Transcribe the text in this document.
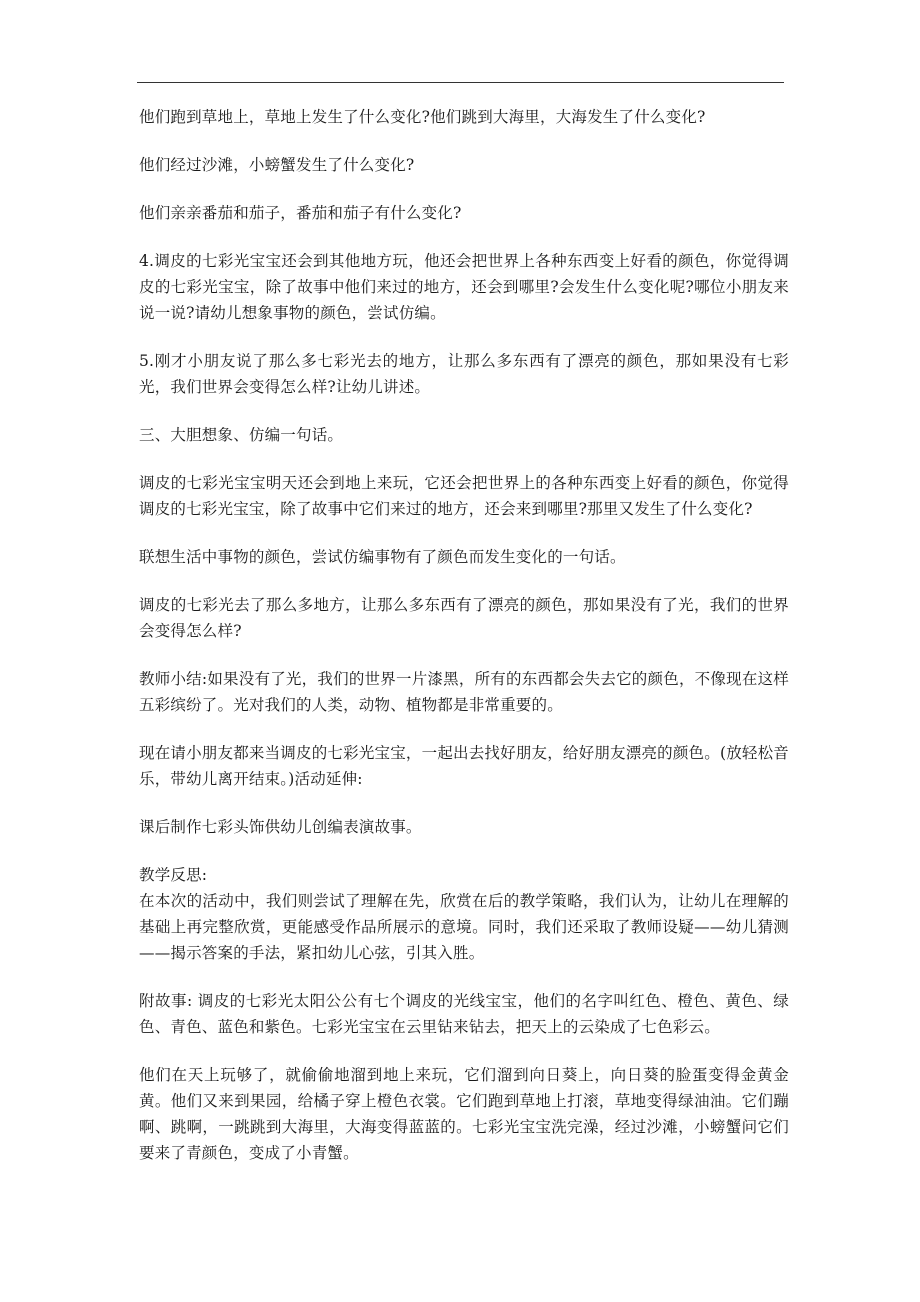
他们跑到草地上，草地上发生了什么变化?他们跳到大海里，大海发生了什么变化?

他们经过沙滩，小螃蟹发生了什么变化?

他们亲亲番茄和茄子，番茄和茄子有什么变化?

4.调皮的七彩光宝宝还会到其他地方玩，他还会把世界上各种东西变上好看的颜色，你觉得调皮的七彩光宝宝，除了故事中他们来过的地方，还会到哪里?会发生什么变化呢?哪位小朋友来说一说?请幼儿想象事物的颜色，尝试仿编。

5.刚才小朋友说了那么多七彩光去的地方，让那么多东西有了漂亮的颜色，那如果没有七彩光，我们世界会变得怎么样?让幼儿讲述。

三、大胆想象、仿编一句话。

调皮的七彩光宝宝明天还会到地上来玩，它还会把世界上的各种东西变上好看的颜色，你觉得调皮的七彩光宝宝，除了故事中它们来过的地方，还会来到哪里?那里又发生了什么变化?

联想生活中事物的颜色，尝试仿编事物有了颜色而发生变化的一句话。

调皮的七彩光去了那么多地方，让那么多东西有了漂亮的颜色，那如果没有了光，我们的世界会变得怎么样?

教师小结:如果没有了光，我们的世界一片漆黑，所有的东西都会失去它的颜色，不像现在这样五彩缤纷了。光对我们的人类，动物、植物都是非常重要的。

现在请小朋友都来当调皮的七彩光宝宝，一起出去找好朋友，给好朋友漂亮的颜色。(放轻松音乐，带幼儿离开结束。)活动延伸:

课后制作七彩头饰供幼儿创编表演故事。

教学反思:

在本次的活动中，我们则尝试了理解在先，欣赏在后的教学策略，我们认为，让幼儿在理解的基础上再完整欣赏，更能感受作品所展示的意境。同时，我们还采取了教师设疑——幼儿猜测——揭示答案的手法，紧扣幼儿心弦，引其入胜。

附故事: 调皮的七彩光太阳公公有七个调皮的光线宝宝，他们的名字叫红色、橙色、黄色、绿色、青色、蓝色和紫色。七彩光宝宝在云里钻来钻去，把天上的云染成了七色彩云。

他们在天上玩够了，就偷偷地溜到地上来玩，它们溜到向日葵上，向日葵的脸蛋变得金黄金黄。他们又来到果园，给橘子穿上橙色衣裳。它们跑到草地上打滚，草地变得绿油油。它们蹦啊、跳啊，一跳跳到大海里，大海变得蓝蓝的。七彩光宝宝洗完澡，经过沙滩，小螃蟹问它们要来了青颜色，变成了小青蟹。
